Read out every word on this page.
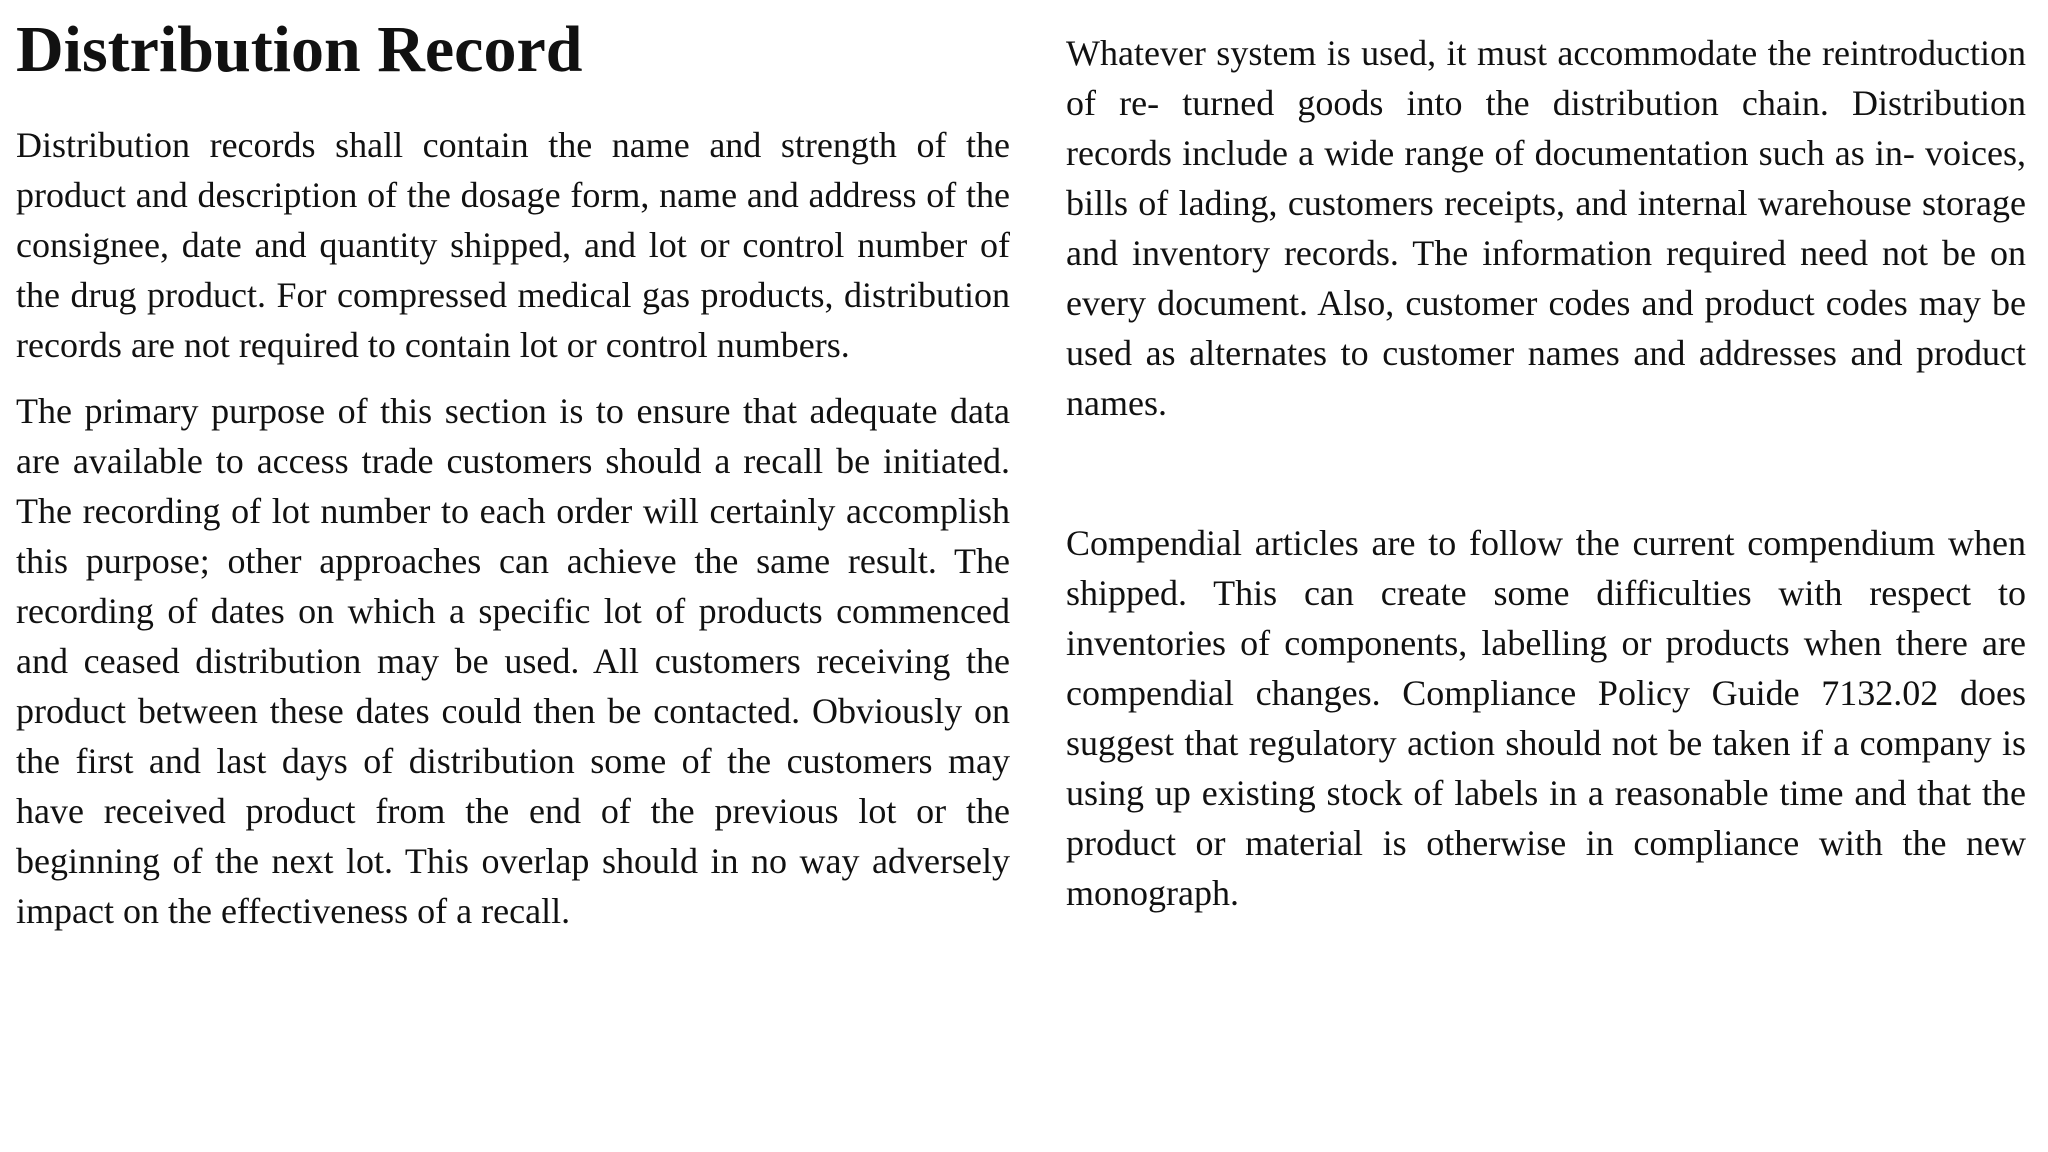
Distribution Record

Distribution records shall contain the name and strength of the product and description of the dosage form, name and address of the consignee, date and quantity shipped, and lot or control number of the drug product. For compressed medical gas products, distribution records are not required to contain lot or control numbers.

The primary purpose of this section is to ensure that adequate data are available to access trade customers should a recall be initiated. The recording of lot number to each order will certainly accomplish this purpose; other approaches can achieve the same result. The recording of dates on which a specific lot of products commenced and ceased distribution may be used. All customers receiving the product between these dates could then be contacted. Obviously on the first and last days of distribution some of the customers may have received product from the end of the previous lot or the beginning of the next lot. This overlap should in no way adversely impact on the effectiveness of a recall.

Whatever system is used, it must accommodate the reintroduction of re- turned goods into the distribution chain. Distribution records include a wide range of documentation such as in- voices, bills of lading, customers receipts, and internal warehouse storage and inventory records. The information required need not be on every document. Also, customer codes and product codes may be used as alternates to customer names and addresses and product names.

Compendial articles are to follow the current compendium when shipped. This can create some difficulties with respect to inventories of components, labelling or products when there are compendial changes. Compliance Policy Guide 7132.02 does suggest that regulatory action should not be taken if a company is using up existing stock of labels in a reasonable time and that the product or material is otherwise in compliance with the new monograph.
